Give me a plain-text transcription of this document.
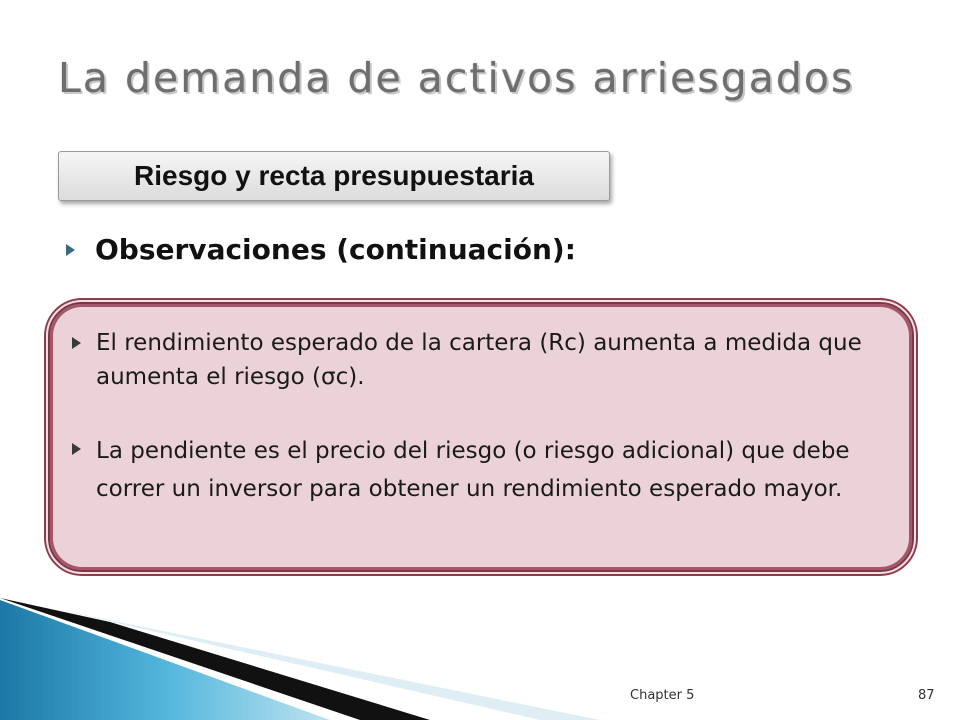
La demanda de activos arriesgados
Riesgo y recta presupuestaria
Observaciones (continuación):
El rendimiento esperado de la cartera (Rc) aumenta a medida que aumenta el riesgo (σc).
La pendiente es el precio del riesgo (o riesgo adicional) que debe correr un inversor para obtener un rendimiento esperado mayor.
Chapter 5	87
